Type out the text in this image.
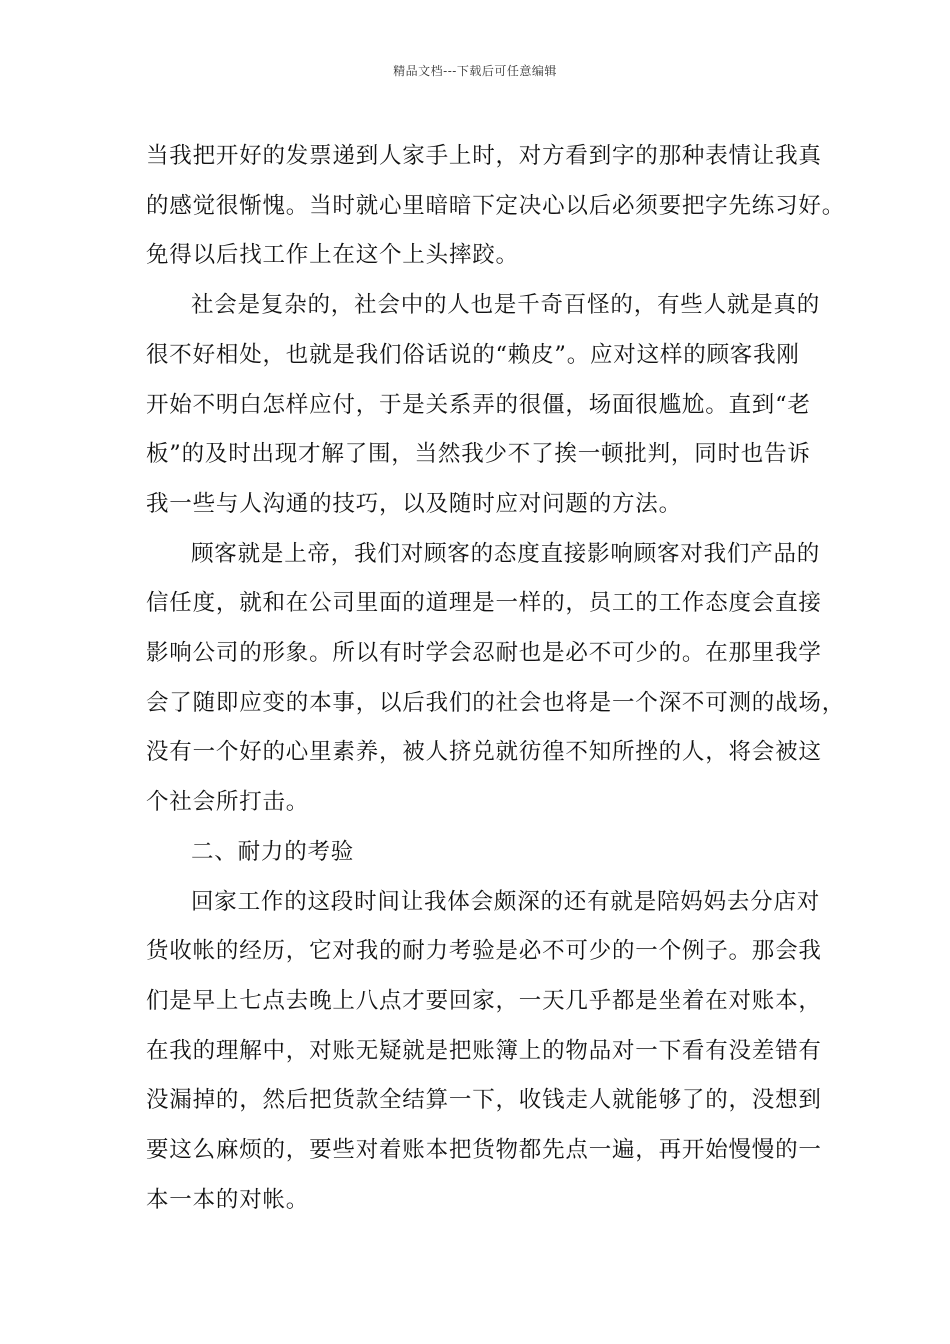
精品文档---下载后可任意编辑
当我把开好的发票递到人家手上时，对方看到字的那种表情让我真
的感觉很惭愧。当时就心里暗暗下定决心以后必须要把字先练习好。
免得以后找工作上在这个上头摔跤。
社会是复杂的，社会中的人也是千奇百怪的，有些人就是真的
很不好相处，也就是我们俗话说的“赖皮”。应对这样的顾客我刚
开始不明白怎样应付，于是关系弄的很僵，场面很尴尬。直到“老
板”的及时出现才解了围，当然我少不了挨一顿批判，同时也告诉
我一些与人沟通的技巧，以及随时应对问题的方法。
顾客就是上帝，我们对顾客的态度直接影响顾客对我们产品的
信任度，就和在公司里面的道理是一样的，员工的工作态度会直接
影响公司的形象。所以有时学会忍耐也是必不可少的。在那里我学
会了随即应变的本事，以后我们的社会也将是一个深不可测的战场，
没有一个好的心里素养，被人挤兑就彷徨不知所挫的人，将会被这
个社会所打击。
二、耐力的考验
回家工作的这段时间让我体会颇深的还有就是陪妈妈去分店对
货收帐的经历，它对我的耐力考验是必不可少的一个例子。那会我
们是早上七点去晚上八点才要回家，一天几乎都是坐着在对账本，
在我的理解中，对账无疑就是把账簿上的物品对一下看有没差错有
没漏掉的，然后把货款全结算一下，收钱走人就能够了的，没想到
要这么麻烦的，要些对着账本把货物都先点一遍，再开始慢慢的一
本一本的对帐。
